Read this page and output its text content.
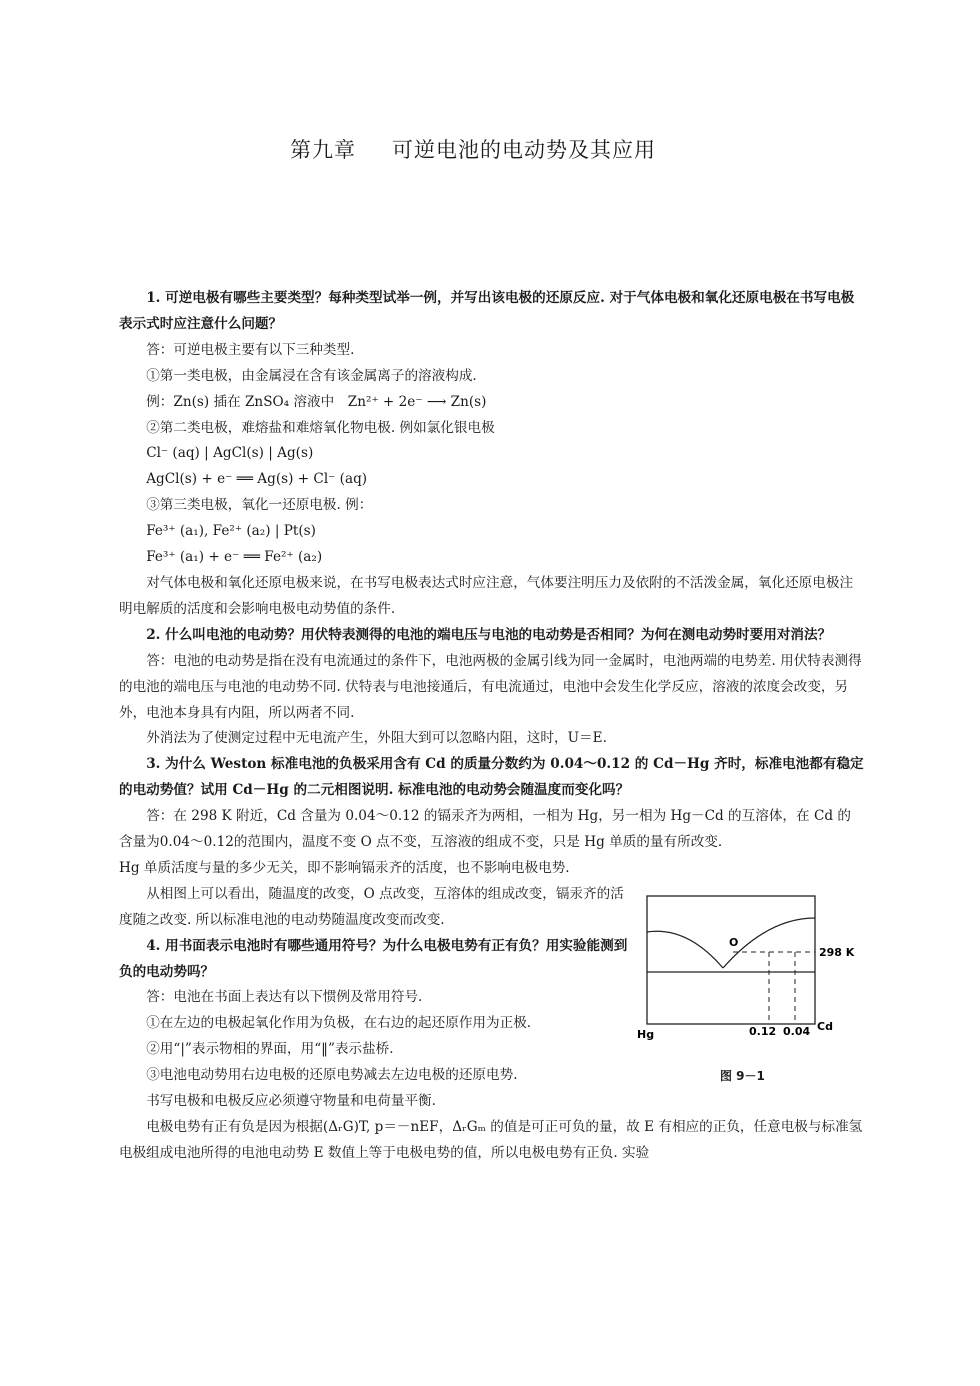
第九章 可逆电池的电动势及其应用

1. 可逆电极有哪些主要类型？每种类型试举一例，并写出该电极的还原反应. 对于气体电极和氧化还原电极在书写电极表示式时应注意什么问题？

答：可逆电极主要有以下三种类型.

①第一类电极，由金属浸在含有该金属离子的溶液构成.

例：Zn(s) 插在 ZnSO₄ 溶液中　Zn²⁺ + 2e⁻ ⟶ Zn(s)

②第二类电极，难熔盐和难熔氧化物电极. 例如氯化银电极

Cl⁻ (aq) | AgCl(s) | Ag(s)

AgCl(s) + e⁻ ══ Ag(s) + Cl⁻ (aq)

③第三类电极，氧化一还原电极. 例：

Fe³⁺ (a₁), Fe²⁺ (a₂) | Pt(s)

Fe³⁺ (a₁) + e⁻ ══ Fe²⁺ (a₂)

对气体电极和氧化还原电极来说，在书写电极表达式时应注意，气体要注明压力及依附的不活泼金属，氧化还原电极注明电解质的活度和会影响电极电动势值的条件.

2. 什么叫电池的电动势？用伏特表测得的电池的端电压与电池的电动势是否相同？为何在测电动势时要用对消法？

答：电池的电动势是指在没有电流通过的条件下，电池两极的金属引线为同一金属时，电池两端的电势差. 用伏特表测得的电池的端电压与电池的电动势不同. 伏特表与电池接通后，有电流通过，电池中会发生化学反应，溶液的浓度会改变，另外，电池本身具有内阻，所以两者不同.

外消法为了使测定过程中无电流产生，外阻大到可以忽略内阻，这时，U＝E.

3. 为什么 Weston 标准电池的负极采用含有 Cd 的质量分数约为 0.04～0.12 的 Cd－Hg 齐时，标准电池都有稳定的电动势值？试用 Cd－Hg 的二元相图说明. 标准电池的电动势会随温度而变化吗？

答：在 298 K 附近，Cd 含量为 0.04～0.12 的镉汞齐为两相，一相为 Hg，另一相为 Hg－Cd 的互溶体，在 Cd 的含量为0.04～0.12的范围内，温度不变 O 点不变，互溶液的组成不变，只是 Hg 单质的量有所改变.

Hg 单质活度与量的多少无关，即不影响镉汞齐的活度，也不影响电极电势.

从相图上可以看出，随温度的改变，O 点改变，互溶体的组成改变，镉汞齐的活度随之改变. 所以标准电池的电动势随温度改变而改变.

4. 用书面表示电池时有哪些通用符号？为什么电极电势有正有负？用实验能测到负的电动势吗？

答：电池在书面上表达有以下惯例及常用符号.

①在左边的电极起氧化作用为负极，在右边的起还原作用为正极.

②用“|”表示物相的界面，用“‖”表示盐桥.

③电池电动势用右边电极的还原电势减去左边电极的还原电势.

书写电极和电极反应必须遵守物量和电荷量平衡.

电极电势有正有负是因为根据(ΔᵣG)T, p＝－nEF，ΔᵣGₘ 的值是可正可负的量，故 E 有相应的正负，任意电极与标准氢电极组成电池所得的电池电动势 E 数值上等于电极电势的值，所以电极电势有正负. 实验

O
298 K
Hg	0.12 0.04 Cd
图 9－1
